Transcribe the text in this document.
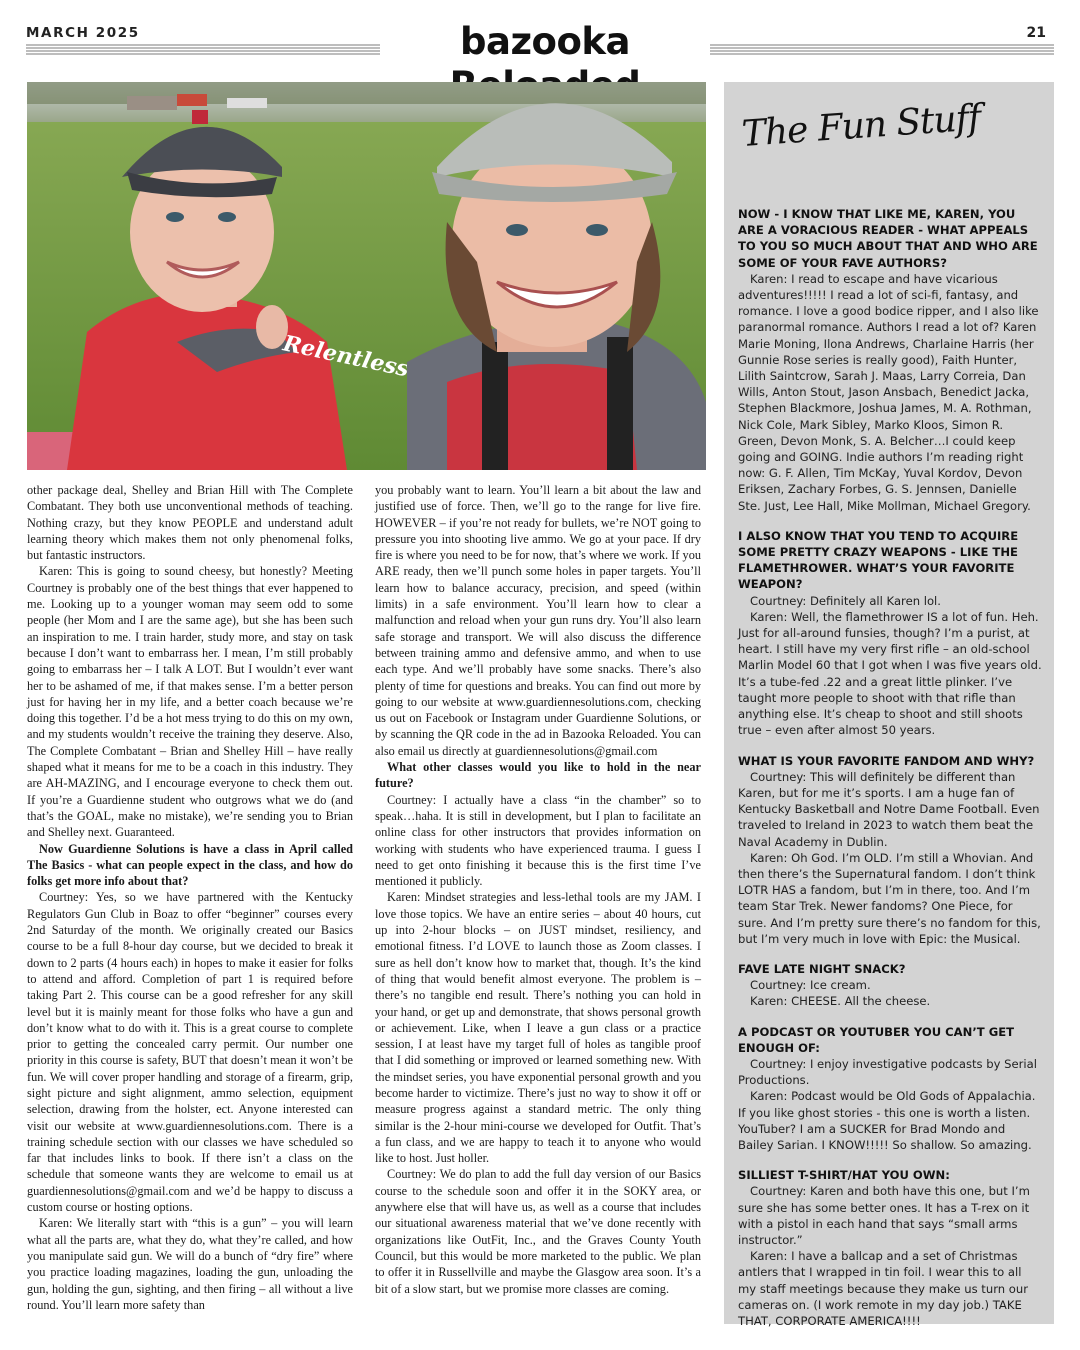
MARCH 2025	bazooka	21
Relentless

other package deal, Shelley and Brian Hill with The Complete Combatant. They both use unconventional methods of teaching. Nothing crazy, but they know PEOPLE and understand adult learning theory which makes them not only phenomenal folks, but fantastic instructors.

Karen: This is going to sound cheesy, but honestly? Meeting Courtney is probably one of the best things that ever happened to me. Looking up to a younger woman may seem odd to some people (her Mom and I are the same age), but she has been such an inspiration to me. I train harder, study more, and stay on task because I don’t want to embarrass her. I mean, I’m still probably going to embarrass her – I talk A LOT. But I wouldn’t ever want her to be ashamed of me, if that makes sense. I’m a better person just for having her in my life, and a better coach because we’re doing this together. I’d be a hot mess trying to do this on my own, and my students wouldn’t receive the training they deserve. Also, The Complete Combatant – Brian and Shelley Hill – have really shaped what it means for me to be a coach in this industry. They are AH-MAZING, and I encourage everyone to check them out. If you’re a Guardienne student who outgrows what we do (and that’s the GOAL, make no mistake), we’re sending you to Brian and Shelley next. Guaranteed.

Now Guardienne Solutions is have a class in April called The Basics - what can people expect in the class, and how do folks get more info about that?

Courtney: Yes, so we have partnered with the Kentucky Regulators Gun Club in Boaz to offer “beginner” courses every 2nd Saturday of the month. We originally created our Basics course to be a full 8-hour day course, but we decided to break it down to 2 parts (4 hours each) in hopes to make it easier for folks to attend and afford. Completion of part 1 is required before taking Part 2. This course can be a good refresher for any skill level but it is mainly meant for those folks who have a gun and don’t know what to do with it. This is a great course to complete prior to getting the concealed carry permit. Our number one priority in this course is safety, BUT that doesn’t mean it won’t be fun. We will cover proper handling and storage of a firearm, grip, sight picture and sight alignment, ammo selection, equipment selection, drawing from the holster, ect. Anyone interested can visit our website at www.guardiennesolutions.com. There is a training schedule section with our classes we have scheduled so far that includes links to book. If there isn’t a class on the schedule that someone wants they are welcome to email us at guardiennesolutions@gmail.com and we’d be happy to discuss a custom course or hosting options.

Karen: We literally start with “this is a gun” – you will learn what all the parts are, what they do, what they’re called, and how you manipulate said gun. We will do a bunch of “dry fire” where you practice loading magazines, loading the gun, unloading the gun, holding the gun, sighting, and then firing – all without a live round. You’ll learn more safety than

you probably want to learn. You’ll learn a bit about the law and justified use of force. Then, we’ll go to the range for live fire. HOWEVER – if you’re not ready for bullets, we’re NOT going to pressure you into shooting live ammo. We go at your pace. If dry fire is where you need to be for now, that’s where we work. If you ARE ready, then we’ll punch some holes in paper targets. You’ll learn how to balance accuracy, precision, and speed (within limits) in a safe environment. You’ll learn how to clear a malfunction and reload when your gun runs dry. You’ll also learn safe storage and transport. We will also discuss the difference between training ammo and defensive ammo, and when to use each type. And we’ll probably have some snacks. There’s also plenty of time for questions and breaks. You can find out more by going to our website at www.guardiennesolutions.com, checking us out on Facebook or Instagram under Guardienne Solutions, or by scanning the QR code in the ad in Bazooka Reloaded. You can also email us directly at guardiennesolutions@gmail.com

What other classes would you like to hold in the near future?

Courtney: I actually have a class “in the chamber” so to speak…haha. It is still in development, but I plan to facilitate an online class for other instructors that provides information on working with students who have experienced trauma. I guess I need to get onto finishing it because this is the first time I’ve mentioned it publicly.

Karen: Mindset strategies and less-lethal tools are my JAM. I love those topics. We have an entire series – about 40 hours, cut up into 2-hour blocks – on JUST mindset, resiliency, and emotional fitness. I’d LOVE to launch those as Zoom classes. I sure as hell don’t know how to market that, though. It’s the kind of thing that would benefit almost everyone. The problem is – there’s no tangible end result. There’s nothing you can hold in your hand, or get up and demonstrate, that shows personal growth or achievement. Like, when I leave a gun class or a practice session, I at least have my target full of holes as tangible proof that I did something or improved or learned something new. With the mindset series, you have exponential personal growth and you become harder to victimize. There’s just no way to show it off or measure progress against a standard metric. The only thing similar is the 2-hour mini-course we developed for Outfit. That’s a fun class, and we are happy to teach it to anyone who would like to host. Just holler.

Courtney: We do plan to add the full day version of our Basics course to the schedule soon and offer it in the SOKY area, or anywhere else that will have us, as well as a course that includes our situational awareness material that we’ve done recently with organizations like OutFit, Inc., and the Graves County Youth Council, but this would be more marketed to the public. We plan to offer it in Russellville and maybe the Glasgow area soon. It’s a bit of a slow start, but we promise more classes are coming.

The Fun Stuff
NOW - I KNOW THAT LIKE ME, KAREN, YOU ARE A VORACIOUS READER - WHAT APPEALS TO YOU SO MUCH ABOUT THAT AND WHO ARE SOME OF YOUR FAVE AUTHORS?
Karen: I read to escape and have vicarious adventures!!!!! I read a lot of sci-fi, fantasy, and romance. I love a good bodice ripper, and I also like paranormal romance. Authors I read a lot of? Karen Marie Moning, Ilona Andrews, Charlaine Harris (her Gunnie Rose series is really good), Faith Hunter, Lilith Saintcrow, Sarah J. Maas, Larry Correia, Dan Wills, Anton Stout, Jason Ansbach, Benedict Jacka, Stephen Blackmore, Joshua James, M. A. Rothman, Nick Cole, Mark Sibley, Marko Kloos, Simon R. Green, Devon Monk, S. A. Belcher…I could keep going and GOING. Indie authors I’m reading right now: G. F. Allen, Tim McKay, Yuval Kordov, Devon Eriksen, Zachary Forbes, G. S. Jennsen, Danielle Ste. Just, Lee Hall, Mike Mollman, Michael Gregory.
I ALSO KNOW THAT YOU TEND TO ACQUIRE SOME PRETTY CRAZY WEAPONS - LIKE THE FLAMETHROWER. WHAT’S YOUR FAVORITE WEAPON?
Courtney: Definitely all Karen lol.
Karen: Well, the flamethrower IS a lot of fun. Heh. Just for all-around funsies, though? I’m a purist, at heart. I still have my very first rifle – an old-school Marlin Model 60 that I got when I was five years old. It’s a tube-fed .22 and a great little plinker. I’ve taught more people to shoot with that rifle than anything else. It’s cheap to shoot and still shoots true – even after almost 50 years.
WHAT IS YOUR FAVORITE FANDOM AND WHY?
Courtney: This will definitely be different than Karen, but for me it’s sports. I am a huge fan of Kentucky Basketball and Notre Dame Football. Even traveled to Ireland in 2023 to watch them beat the Naval Academy in Dublin.
Karen: Oh God. I’m OLD. I’m still a Whovian. And then there’s the Supernatural fandom. I don’t think LOTR HAS a fandom, but I’m in there, too. And I’m team Star Trek. Newer fandoms? One Piece, for sure. And I’m pretty sure there’s no fandom for this, but I’m very much in love with Epic: the Musical.
FAVE LATE NIGHT SNACK?
Courtney: Ice cream.
Karen: CHEESE. All the cheese.
A PODCAST OR YOUTUBER YOU CAN’T GET ENOUGH OF:
Courtney: I enjoy investigative podcasts by Serial Productions.
Karen: Podcast would be Old Gods of Appalachia. If you like ghost stories - this one is worth a listen. YouTuber? I am a SUCKER for Brad Mondo and Bailey Sarian. I KNOW!!!!! So shallow. So amazing.
SILLIEST T-SHIRT/HAT YOU OWN:
Courtney: Karen and both have this one, but I’m sure she has some better ones. It has a T-rex on it with a pistol in each hand that says “small arms instructor.”
Karen: I have a ballcap and a set of Christmas antlers that I wrapped in tin foil. I wear this to all my staff meetings because they make us turn our cameras on. (I work remote in my day job.) TAKE THAT, CORPORATE AMERICA!!!!
